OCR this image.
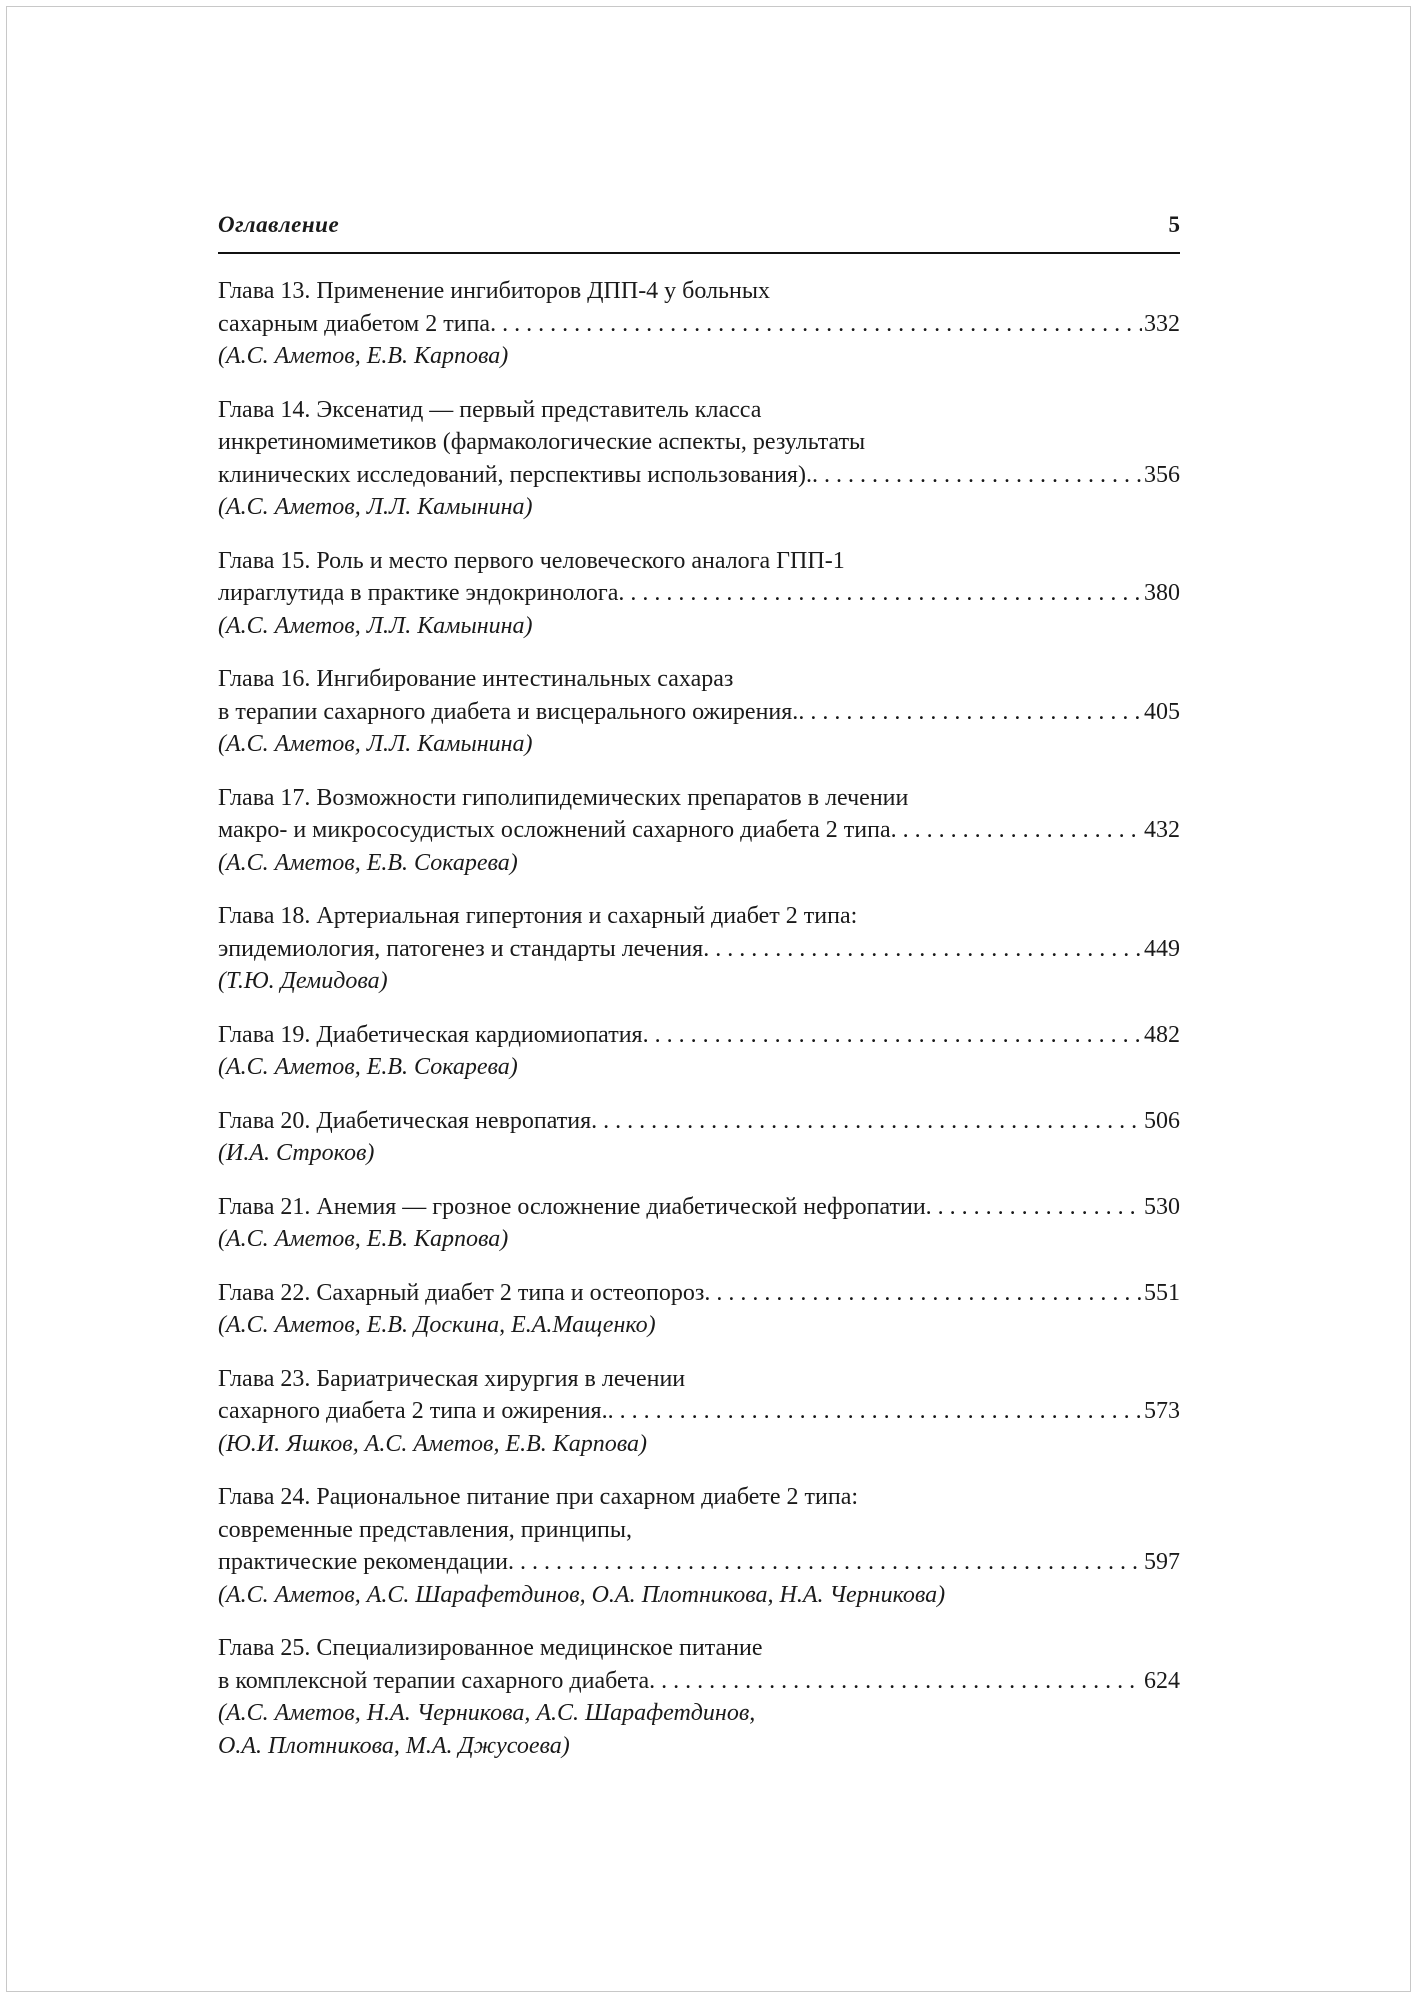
Оглавление	5
Глава 13. Применение ингибиторов ДПП-4 у больных
сахарным диабетом 2 типа . . .	332
(А.С. Аметов, Е.В. Карпова)
Глава 14. Эксенатид — первый представитель класса
инкретиномиметиков (фармакологические аспекты, результаты
клинических исследований, перспективы использования). . . .	356
(А.С. Аметов, Л.Л. Камынина)
Глава 15. Роль и место первого человеческого аналога ГПП-1
лираглутида в практике эндокринолога . . .	380
(А.С. Аметов, Л.Л. Камынина)
Глава 16. Ингибирование интестинальных сахараз
в терапии сахарного диабета и висцерального ожирения. . . .	405
(А.С. Аметов, Л.Л. Камынина)
Глава 17. Возможности гиполипидемических препаратов в лечении
макро- и микрососудистых осложнений сахарного диабета 2 типа . . .	432
(А.С. Аметов, Е.В. Сокарева)
Глава 18. Артериальная гипертония и сахарный диабет 2 типа:
эпидемиология, патогенез и стандарты лечения . . .	449
(Т.Ю. Демидова)
Глава 19. Диабетическая кардиомиопатия . . .	482
(А.С. Аметов, Е.В. Сокарева)
Глава 20. Диабетическая невропатия . . .	506
(И.А. Строков)
Глава 21. Анемия — грозное осложнение диабетической нефропатии . . .	530
(А.С. Аметов, Е.В. Карпова)
Глава 22. Сахарный диабет 2 типа и остеопороз . . .	551
(А.С. Аметов, Е.В. Доскина, Е.А.Мащенко)
Глава 23. Бариатрическая хирургия в лечении
сахарного диабета 2 типа и ожирения. . . .	573
(Ю.И. Яшков, А.С. Аметов, Е.В. Карпова)
Глава 24. Рациональное питание при сахарном диабете 2 типа:
современные представления, принципы,
практические рекомендации . . .	597
(А.С. Аметов, А.С. Шарафетдинов, О.А. Плотникова, Н.А. Черникова)
Глава 25. Специализированное медицинское питание
в комплексной терапии сахарного диабета . . .	624
(А.С. Аметов, Н.А. Черникова, А.С. Шарафетдинов,
О.А. Плотникова, М.А. Джусоева)
